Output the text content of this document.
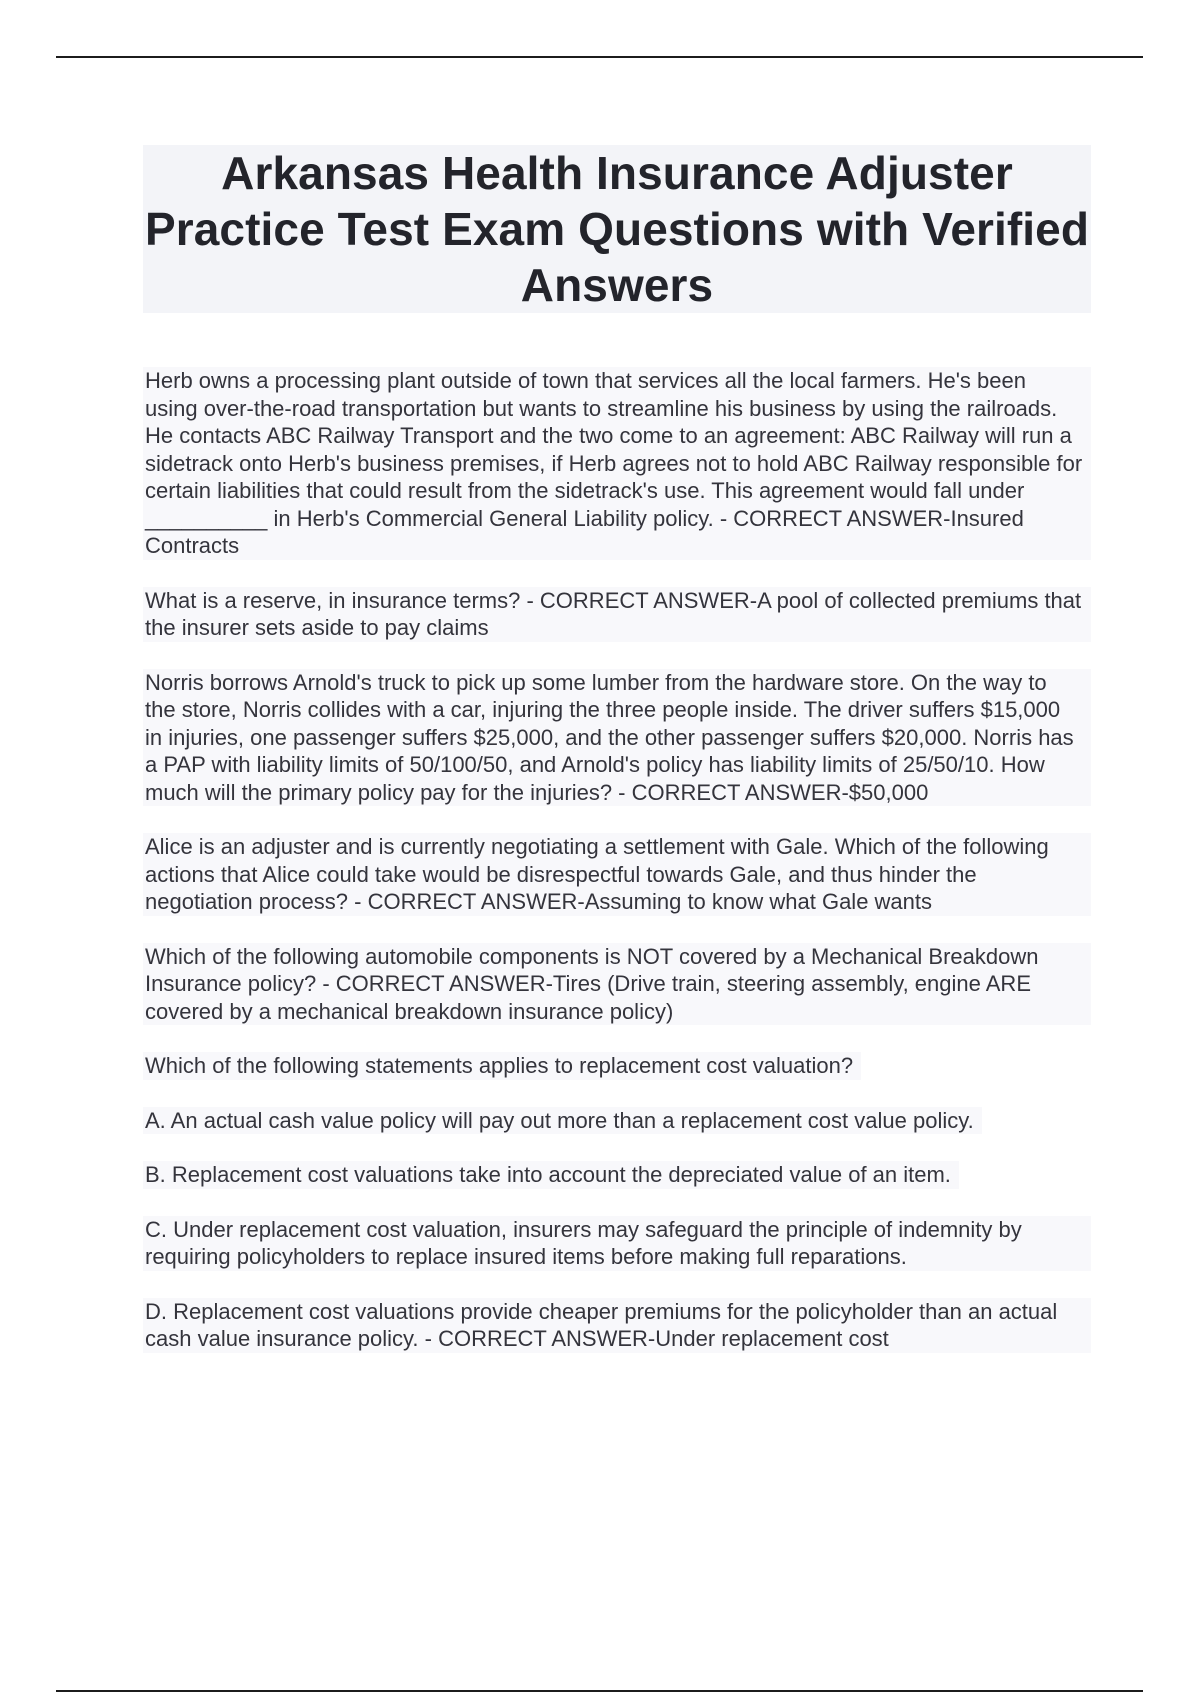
Arkansas Health Insurance Adjuster Practice Test Exam Questions with Verified Answers

Herb owns a processing plant outside of town that services all the local farmers. He's been using over-the-road transportation but wants to streamline his business by using the railroads. He contacts ABC Railway Transport and the two come to an agreement: ABC Railway will run a sidetrack onto Herb's business premises, if Herb agrees not to hold ABC Railway responsible for certain liabilities that could result from the sidetrack's use. This agreement would fall under __________ in Herb's Commercial General Liability policy. - CORRECT ANSWER-Insured Contracts

What is a reserve, in insurance terms? - CORRECT ANSWER-A pool of collected premiums that the insurer sets aside to pay claims

Norris borrows Arnold's truck to pick up some lumber from the hardware store. On the way to the store, Norris collides with a car, injuring the three people inside. The driver suffers $15,000 in injuries, one passenger suffers $25,000, and the other passenger suffers $20,000. Norris has a PAP with liability limits of 50/100/50, and Arnold's policy has liability limits of 25/50/10. How much will the primary policy pay for the injuries? - CORRECT ANSWER-$50,000

Alice is an adjuster and is currently negotiating a settlement with Gale. Which of the following actions that Alice could take would be disrespectful towards Gale, and thus hinder the negotiation process? - CORRECT ANSWER-Assuming to know what Gale wants

Which of the following automobile components is NOT covered by a Mechanical Breakdown Insurance policy? - CORRECT ANSWER-Tires (Drive train, steering assembly, engine ARE covered by a mechanical breakdown insurance policy)

Which of the following statements applies to replacement cost valuation?

A. An actual cash value policy will pay out more than a replacement cost value policy.

B. Replacement cost valuations take into account the depreciated value of an item.

C. Under replacement cost valuation, insurers may safeguard the principle of indemnity by requiring policyholders to replace insured items before making full reparations.

D. Replacement cost valuations provide cheaper premiums for the policyholder than an actual cash value insurance policy. - CORRECT ANSWER-Under replacement cost
